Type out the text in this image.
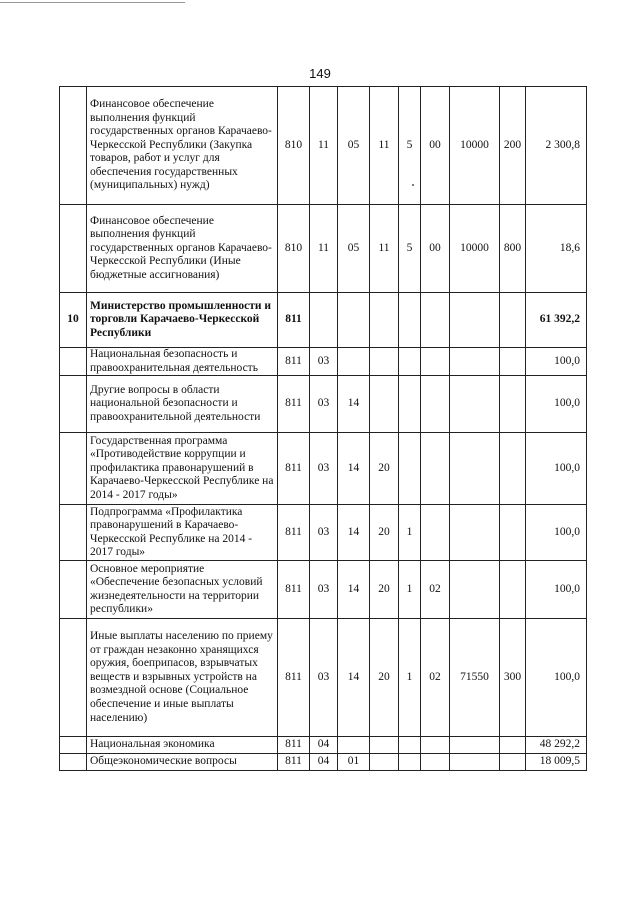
149
	Финансовое обеспечение выполнения функций государственных органов Карачаево-Черкесской Республики (Закупка товаров, работ и услуг для обеспечения государственных (муниципальных) нужд)	810	11	05	11	5	00	10000	200	2 300,8
	Финансовое обеспечение выполнения функций государственных органов Карачаево-Черкесской Республики (Иные бюджетные ассигнования)	810	11	05	11	5	00	10000	800	18,6
10	Министерство промышленности и торговли Карачаево-Черкесской Республики	811								61 392,2
	Национальная безопасность и правоохранительная деятельность	811	03							100,0
	Другие вопросы в области национальной безопасности и правоохранительной деятельности	811	03	14						100,0
	Государственная программа «Противодействие коррупции и профилактика правонарушений в Карачаево-Черкесской Республике на 2014 - 2017 годы»	811	03	14	20					100,0
	Подпрограмма «Профилактика правонарушений в Карачаево-Черкесской Республике на 2014 - 2017 годы»	811	03	14	20	1				100,0
	Основное мероприятие «Обеспечение безопасных условий жизнедеятельности на территории республики»	811	03	14	20	1	02			100,0
	Иные выплаты населению по приему от граждан незаконно хранящихся оружия, боеприпасов, взрывчатых веществ и взрывных устройств на возмездной основе (Социальное обеспечение и иные выплаты населению)	811	03	14	20	1	02	71550	300	100,0
	Национальная экономика	811	04							48 292,2
	Общеэкономические вопросы	811	04	01						18 009,5
